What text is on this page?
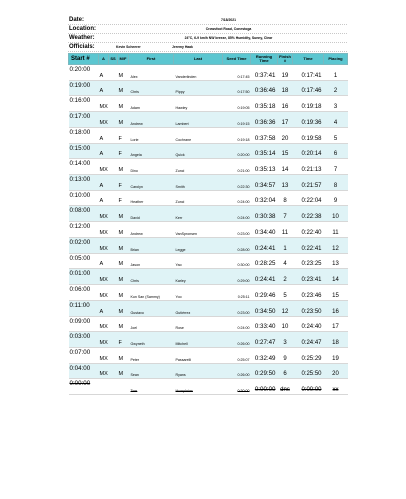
Date:	7/18/2021
Location:	Crowsfoot Road, Conestoga
Weather:	24°C, 6-9 km/h NW breeze, 85% Humidity, Sunny, Clear
Officials:	Kevin Scheerer	Jeremy Haak
Start #	A	SS	M/F	First	Last	Seed Time	Running Time	Finish #	Time	Placing
0:20:00	A		M	Alex	Vanderlinden	0:17:45	0:37:41	19	0:17:41	1
0:19:00	A		M	Chris	Pippy	0:17:50	0:36:46	18	0:17:46	2
0:16:00	MX		M	Adam	Hawley	0:19:05	0:35:18	16	0:19:18	3
0:17:00	MX		M	Andrew	Lambert	0:19:15	0:36:36	17	0:19:36	4
0:18:00	A		F	Lorie	Cochrane	0:19:18	0:37:58	20	0:19:58	5
0:15:00	A		F	Angela	Quick	0:20:00	0:35:14	15	0:20:14	6
0:14:00	MX		M	Dino	Zunci	0:21:00	0:35:13	14	0:21:13	7
0:13:00	A		F	Carolyn	Smith	0:22:30	0:34:57	13	0:21:57	8
0:10:00	A		F	Heather	Zunci	0:24:00	0:32:04	8	0:22:04	9
0:08:00	MX		M	David	Kerr	0:24:00	0:30:38	7	0:22:38	10
0:12:00	MX		M	Andrew	VanSpronsen	0:23:00	0:34:40	11	0:22:40	11
0:02:00	MX		M	Brian	Legge	0:28:00	0:24:41	1	0:22:41	12
0:05:00	A		M	Jason	Yao	0:30:00	0:28:25	4	0:23:25	13
0:01:00	MX		M	Chris	Karley	0:29:00	0:24:41	2	0:23:41	14
0:06:00	MX		M	Kun San (Sammy)	Yoo	0:25:11	0:29:46	5	0:23:46	15
0:11:00	A		M	Gustavo	Gutiérrez	0:23:00	0:34:50	12	0:23:50	16
0:09:00	MX		M	Joel	Rose	0:24:00	0:33:40	10	0:24:40	17
0:03:00	MX		F	Gwyneth	Mitchell	0:26:00	0:27:47	3	0:24:47	18
0:07:00	MX		M	Peter	Passarelli	0:25:07	0:32:49	9	0:25:29	19
0:04:00	MX		M	Sean	Ryans	0:26:00	0:29:50	6	0:25:50	20
0:00:00				Tom	Humphries	0:30:00	0:00:00	dns	0:00:00	xx
